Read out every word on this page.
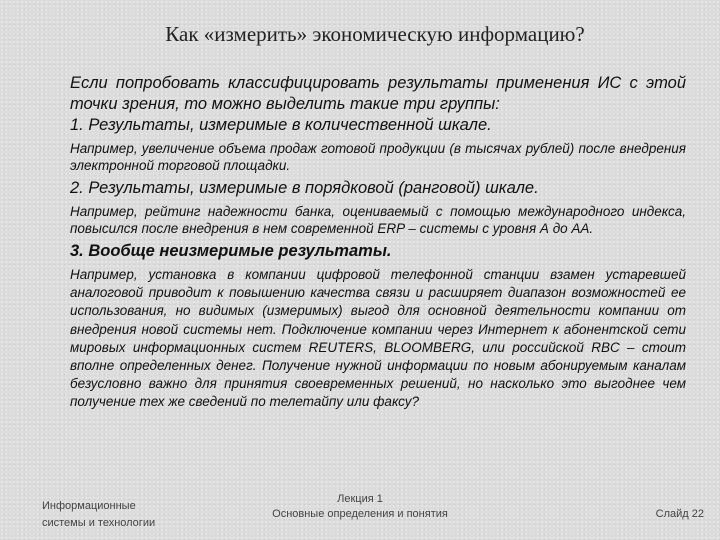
Как «измерить» экономическую информацию?

Если попробовать классифицировать результаты применения ИС с этой точки зрения, то можно выделить такие три группы:

1. Результаты, измеримые в количественной шкале.

Например, увеличение объема продаж готовой продукции (в тысячах рублей) после внедрения электронной торговой площадки.

2. Результаты, измеримые в порядковой (ранговой) шкале.

Например, рейтинг надежности банка, оцениваемый с помощью международного индекса, повысился после внедрения в нем современной ERP – системы с уровня А до АА.

3. Вообще неизмеримые результаты.

Например, установка в компании цифровой телефонной станции взамен устаревшей аналоговой приводит к повышению качества связи и расширяет диапазон возможностей ее использования, но видимых (измеримых) выгод для основной деятельности компании от внедрения новой системы нет. Подключение компании через Интернет к абонентской сети мировых информационных систем REUTERS, BLOOMBERG, или российской RBC – стоит вполне определенных денег. Получение нужной информации по новым абонируемым каналам безусловно важно для принятия своевременных решений, но насколько это выгоднее чем получение тех же сведений по телетайпу или факсу?

Информационные
системы и технологии
Лекция 1
Основные определения и понятия	Слайд 22
